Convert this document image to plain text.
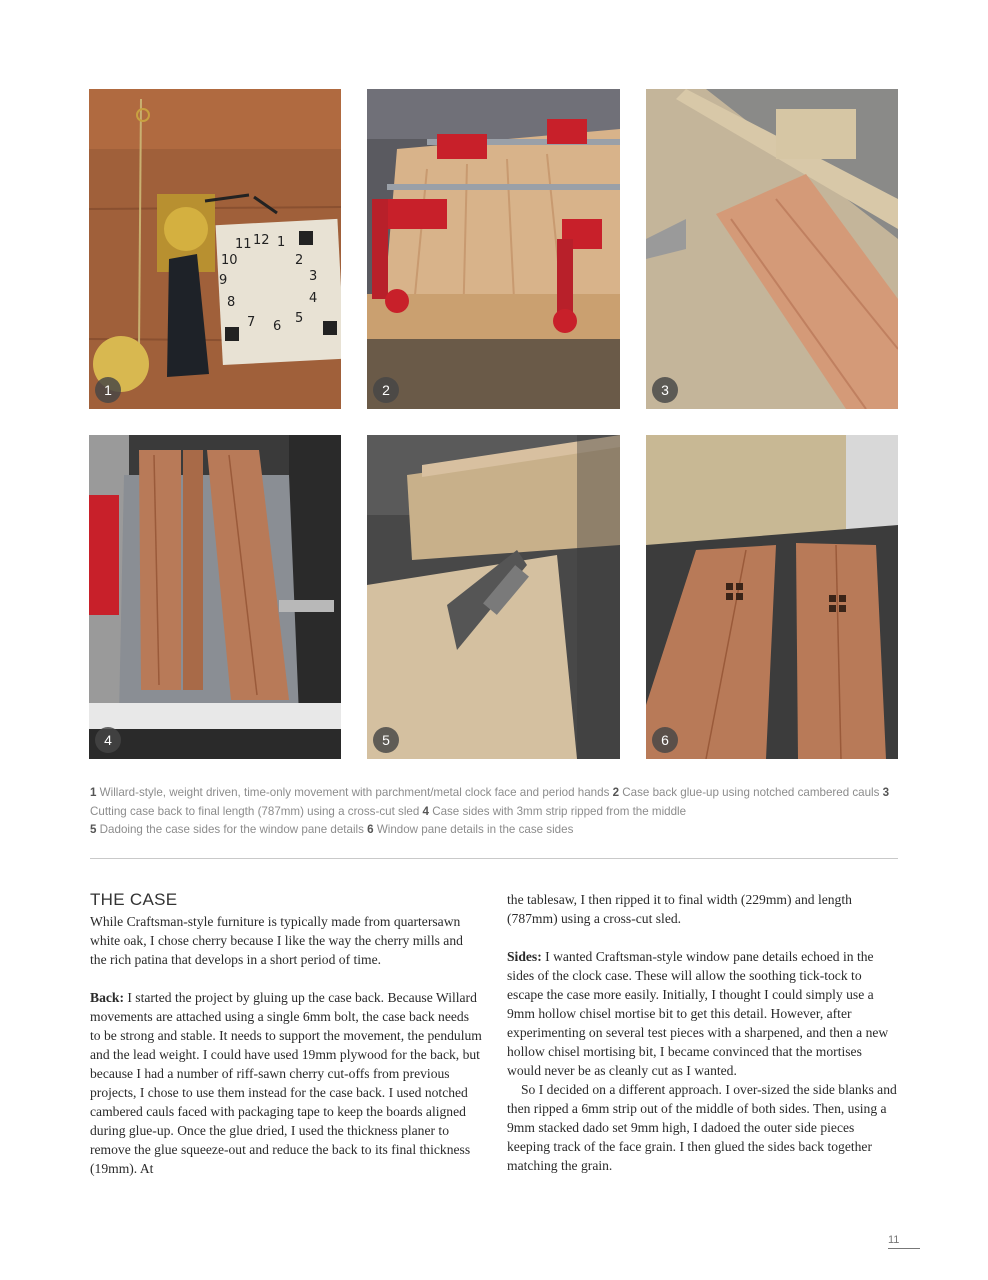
1	2	3
4	5	6
1 Willard-style, weight driven, time-only movement with parchment/metal clock face and period hands 2 Case back glue-up using notched cambered cauls 3 Cutting case back to final length (787mm) using a cross-cut sled 4 Case sides with 3mm strip ripped from the middle
5 Dadoing the case sides for the window pane details 6 Window pane details in the case sides
THE CASE

While Craftsman-style furniture is typically made from quartersawn white oak, I chose cherry because I like the way the cherry mills and the rich patina that develops in a short period of time.

Back: I started the project by gluing up the case back. Because Willard movements are attached using a single 6mm bolt, the case back needs to be strong and stable. It needs to support the movement, the pendulum and the lead weight. I could have used 19mm plywood for the back, but because I had a number of riff-sawn cherry cut-offs from previous projects, I chose to use them instead for the case back. I used notched cambered cauls faced with packaging tape to keep the boards aligned during glue-up. Once the glue dried, I used the thickness planer to remove the glue squeeze-out and reduce the back to its final thickness (19mm). At

the tablesaw, I then ripped it to final width (229mm) and length (787mm) using a cross-cut sled.

Sides: I wanted Craftsman-style window pane details echoed in the sides of the clock case. These will allow the soothing tick-tock to escape the case more easily. Initially, I thought I could simply use a 9mm hollow chisel mortise bit to get this detail. However, after experimenting on several test pieces with a sharpened, and then a new hollow chisel mortising bit, I became convinced that the mortises would never be as cleanly cut as I wanted.

So I decided on a different approach. I over-sized the side blanks and then ripped a 6mm strip out of the middle of both sides. Then, using a 9mm stacked dado set 9mm high, I dadoed the outer side pieces keeping track of the face grain. I then glued the sides back together matching the grain.

11
